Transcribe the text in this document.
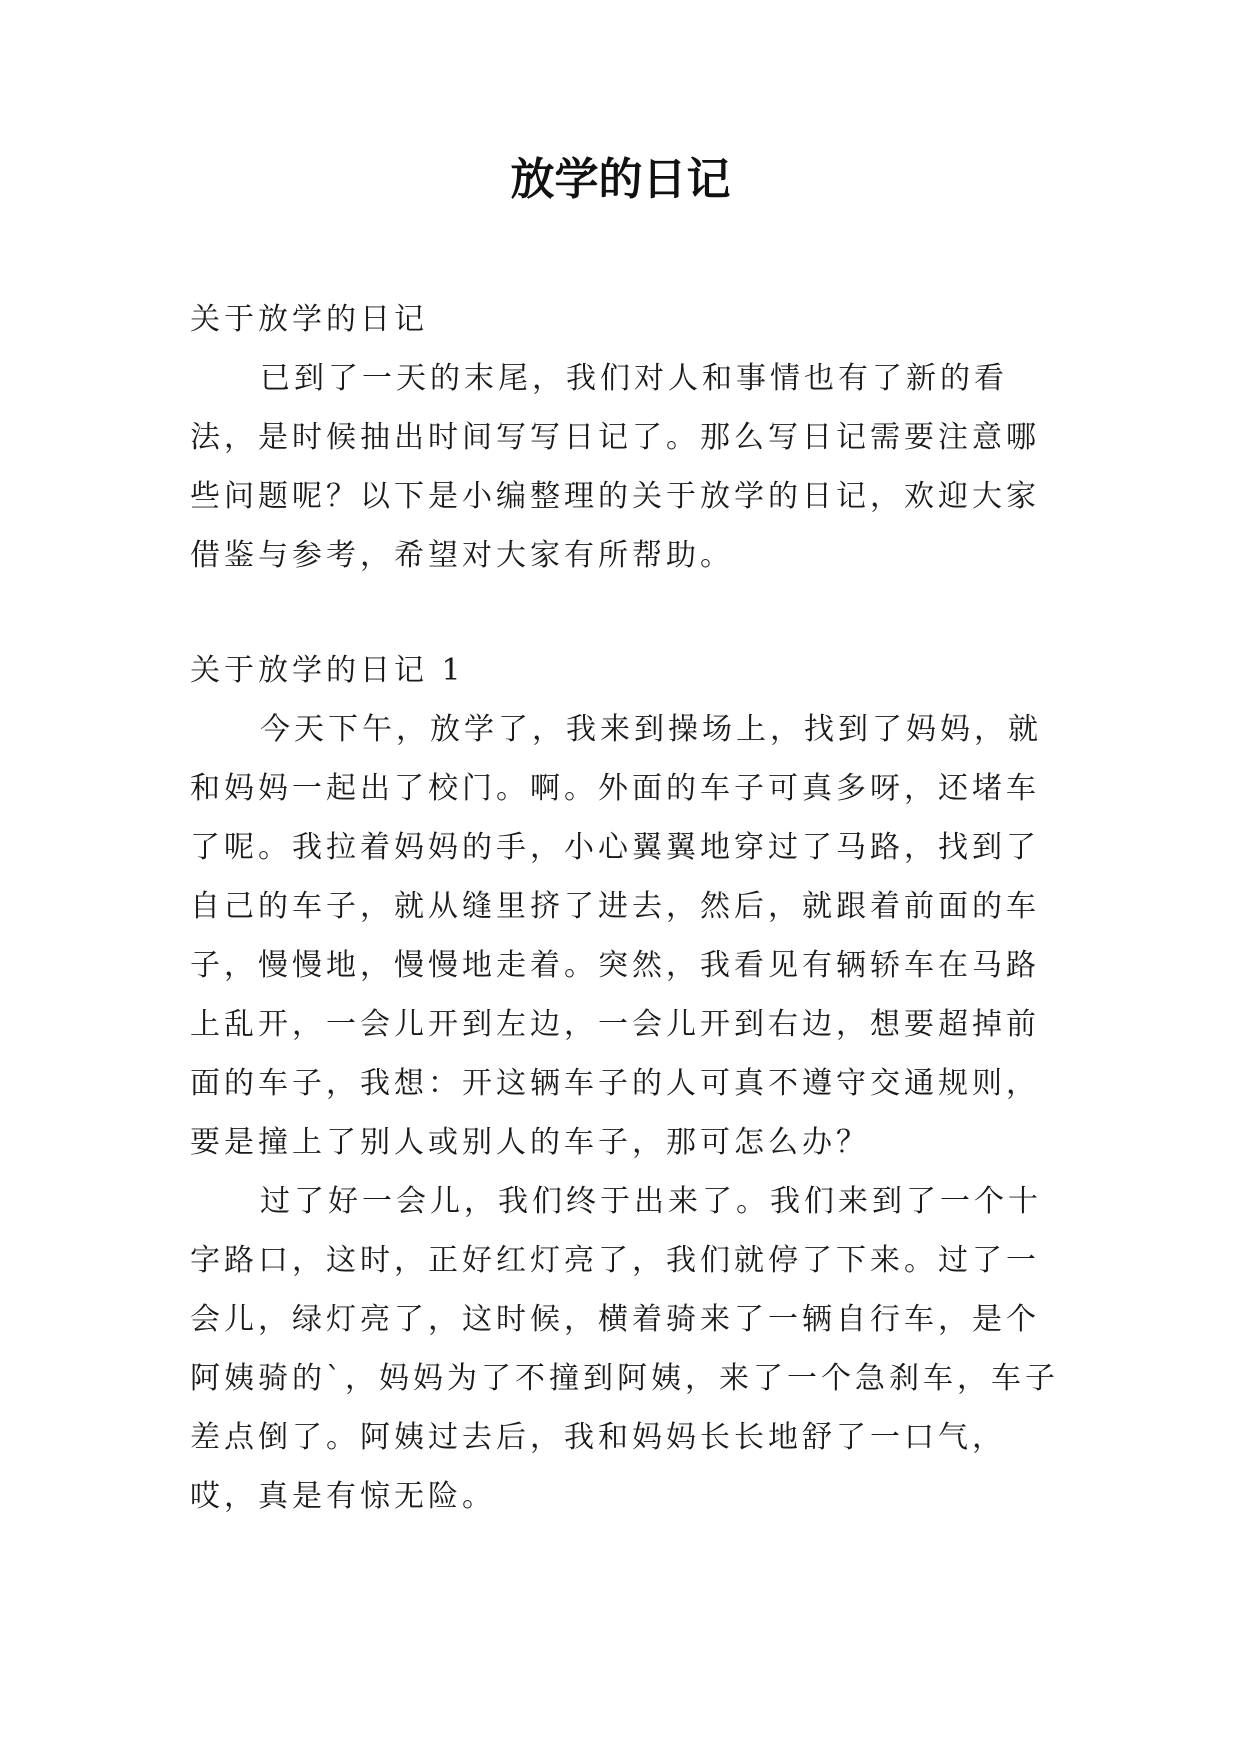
放学的日记

关于放学的日记

已到了一天的末尾，我们对人和事情也有了新的看法，是时候抽出时间写写日记了。那么写日记需要注意哪些问题呢？以下是小编整理的关于放学的日记，欢迎大家借鉴与参考，希望对大家有所帮助。

关于放学的日记 1

今天下午，放学了，我来到操场上，找到了妈妈，就和妈妈一起出了校门。啊。外面的车子可真多呀，还堵车了呢。我拉着妈妈的手，小心翼翼地穿过了马路，找到了自己的车子，就从缝里挤了进去，然后，就跟着前面的车子，慢慢地，慢慢地走着。突然，我看见有辆轿车在马路上乱开，一会儿开到左边，一会儿开到右边，想要超掉前面的车子，我想：开这辆车子的人可真不遵守交通规则，要是撞上了别人或别人的车子，那可怎么办？

过了好一会儿，我们终于出来了。我们来到了一个十字路口，这时，正好红灯亮了，我们就停了下来。过了一会儿，绿灯亮了，这时候，横着骑来了一辆自行车，是个阿姨骑的`，妈妈为了不撞到阿姨，来了一个急刹车，车子差点倒了。阿姨过去后，我和妈妈长长地舒了一口气，哎，真是有惊无险。
